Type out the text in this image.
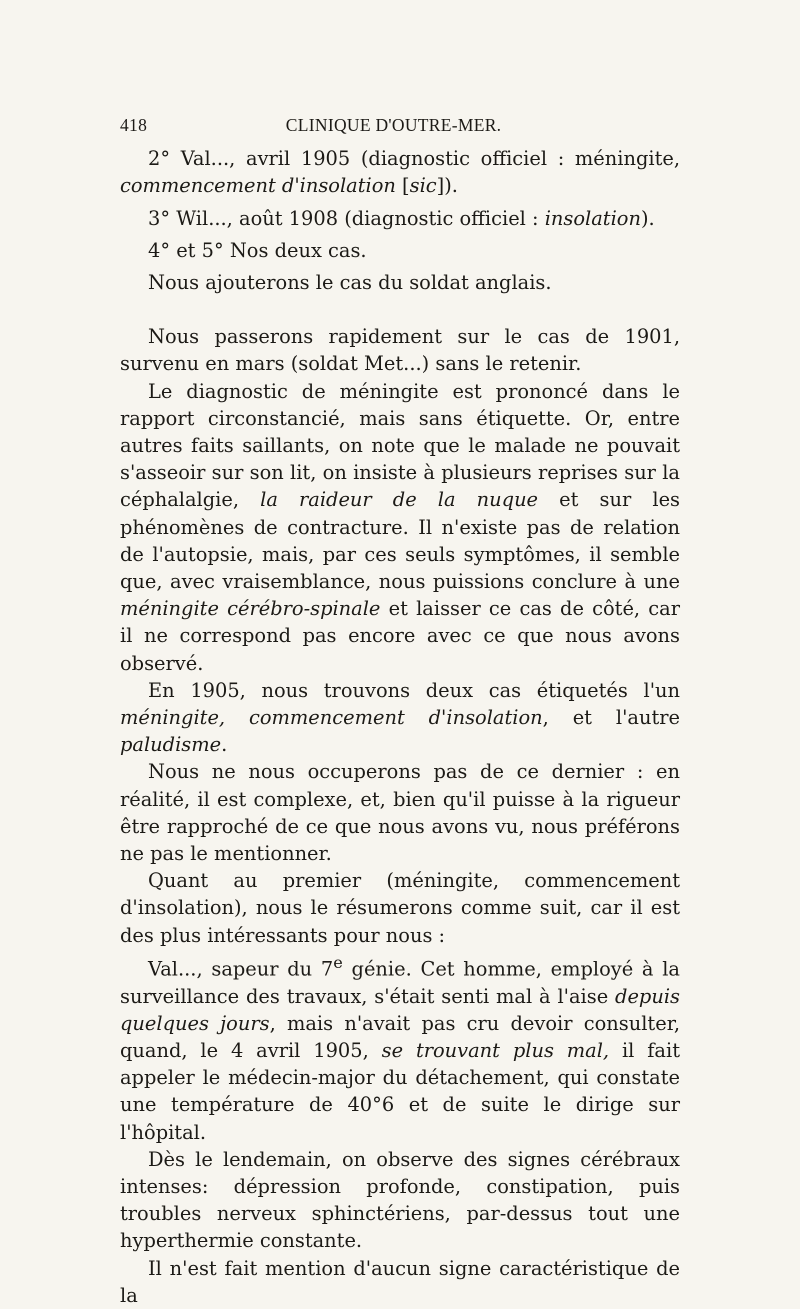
418	CLINIQUE D'OUTRE-MER.

2° Val..., avril 1905 (diagnostic officiel : méningite, commencement d'insolation [sic]).

3° Wil..., août 1908 (diagnostic officiel : insolation).

4° et 5° Nos deux cas.

Nous ajouterons le cas du soldat anglais.

Nous passerons rapidement sur le cas de 1901, survenu en mars (soldat Met...) sans le retenir.

Le diagnostic de méningite est prononcé dans le rapport circonstancié, mais sans étiquette. Or, entre autres faits saillants, on note que le malade ne pouvait s'asseoir sur son lit, on insiste à plusieurs reprises sur la céphalalgie, la raideur de la nuque et sur les phénomènes de contracture. Il n'existe pas de relation de l'autopsie, mais, par ces seuls symptômes, il semble que, avec vraisemblance, nous puissions conclure à une méningite cérébro-spinale et laisser ce cas de côté, car il ne correspond pas encore avec ce que nous avons observé.

En 1905, nous trouvons deux cas étiquetés l'un méningite, commencement d'insolation, et l'autre paludisme.

Nous ne nous occuperons pas de ce dernier : en réalité, il est complexe, et, bien qu'il puisse à la rigueur être rapproché de ce que nous avons vu, nous préférons ne pas le mentionner.

Quant au premier (méningite, commencement d'insolation), nous le résumerons comme suit, car il est des plus intéressants pour nous :

Val..., sapeur du 7e génie. Cet homme, employé à la surveillance des travaux, s'était senti mal à l'aise depuis quelques jours, mais n'avait pas cru devoir consulter, quand, le 4 avril 1905, se trouvant plus mal, il fait appeler le médecin-major du détachement, qui constate une température de 40°6 et de suite le dirige sur l'hôpital.

Dès le lendemain, on observe des signes cérébraux intenses: dépression profonde, constipation, puis troubles nerveux sphinctériens, par-dessus tout une hyperthermie constante.

Il n'est fait mention d'aucun signe caractéristique de la
